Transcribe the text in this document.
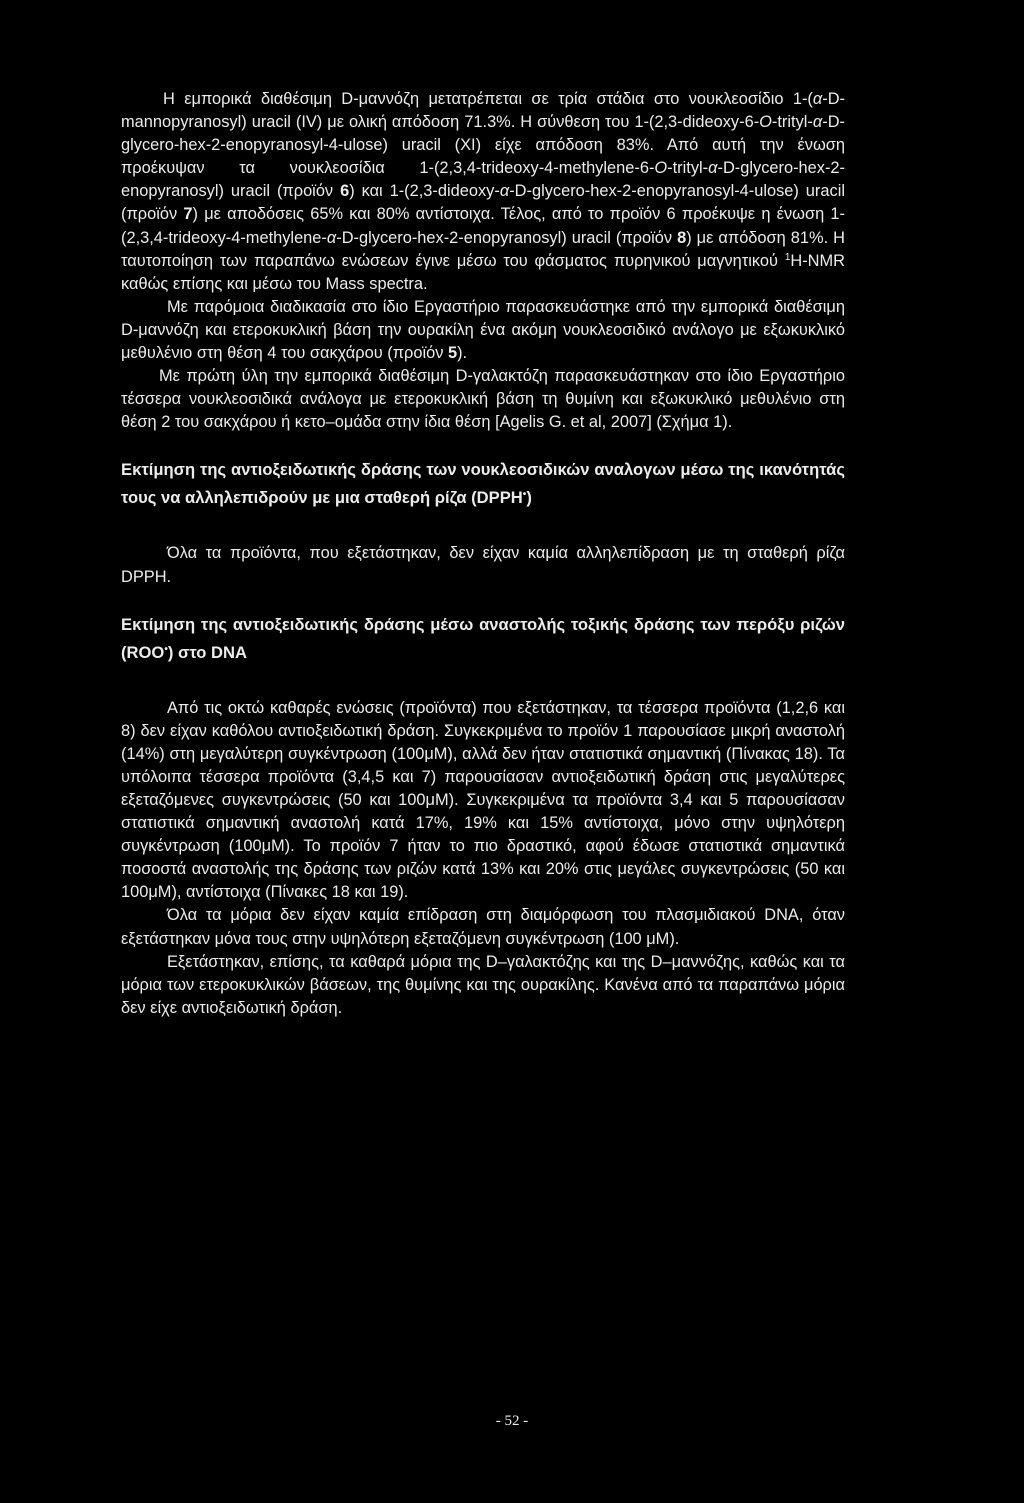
Η εμπορικά διαθέσιμη D-μαννόζη μετατρέπεται σε τρία στάδια στο νουκλεοσίδιο 1-(α-D-mannopyranosyl) uracil (IV) με ολική απόδοση 71.3%. Η σύνθεση του 1-(2,3-dideoxy-6-O-trityl-α-D-glycero-hex-2-enopyranosyl-4-ulose) uracil (XI) είχε απόδοση 83%. Από αυτή την ένωση προέκυψαν τα νουκλεοσίδια 1-(2,3,4-trideoxy-4-methylene-6-O-trityl-α-D-glycero-hex-2-enopyranosyl) uracil (προϊόν 6) και 1-(2,3-dideoxy-α-D-glycero-hex-2-enopyranosyl-4-ulose) uracil (προϊόν 7) με αποδόσεις 65% και 80% αντίστοιχα. Τέλος, από το προϊόν 6 προέκυψε η ένωση 1-(2,3,4-trideoxy-4-methylene-α-D-glycero-hex-2-enopyranosyl) uracil (προϊόν 8) με απόδοση 81%. Η ταυτοποίηση των παραπάνω ενώσεων έγινε μέσω του φάσματος πυρηνικού μαγνητικού $^1$H-NMR καθώς επίσης και μέσω του Mass spectra.

Με παρόμοια διαδικασία στο ίδιο Εργαστήριο παρασκευάστηκε από την εμπορικά διαθέσιμη D-μαννόζη και ετεροκυκλική βάση την ουρακίλη ένα ακόμη νουκλεοσιδικό ανάλογο με εξωκυκλικό μεθυλένιο στη θέση 4 του σακχάρου (προϊόν 5).

Με πρώτη ύλη την εμπορικά διαθέσιμη D-γαλακτόζη παρασκευάστηκαν στο ίδιο Εργαστήριο τέσσερα νουκλεοσιδικά ανάλογα με ετεροκυκλική βάση τη θυμίνη και εξωκυκλικό μεθυλένιο στη θέση 2 του σακχάρου ή κετο–ομάδα στην ίδια θέση [Agelis G. et al, 2007] (Σχήμα 1).

Εκτίμηση της αντιοξειδωτικής δράσης των νουκλεοσιδικών αναλογων μέσω της ικανότητάς τους να αλληλεπιδρούν με μια σταθερή ρίζα (DPPH•)

Όλα τα προϊόντα, που εξετάστηκαν, δεν είχαν καμία αλληλεπίδραση με τη σταθερή ρίζα DPPH.

Εκτίμηση της αντιοξειδωτικής δράσης μέσω αναστολής τοξικής δράσης των περόξυ ριζών (ROO•) στο DNA

Από τις οκτώ καθαρές ενώσεις (προϊόντα) που εξετάστηκαν, τα τέσσερα προϊόντα (1,2,6 και 8) δεν είχαν καθόλου αντιοξειδωτική δράση. Συγκεκριμένα το προϊόν 1 παρουσίασε μικρή αναστολή (14%) στη μεγαλύτερη συγκέντρωση (100μΜ), αλλά δεν ήταν στατιστικά σημαντική (Πίνακας 18). Τα υπόλοιπα τέσσερα προϊόντα (3,4,5 και 7) παρουσίασαν αντιοξειδωτική δράση στις μεγαλύτερες εξεταζόμενες συγκεντρώσεις (50 και 100μΜ). Συγκεκριμένα τα προϊόντα 3,4 και 5 παρουσίασαν στατιστικά σημαντική αναστολή κατά 17%, 19% και 15% αντίστοιχα, μόνο στην υψηλότερη συγκέντρωση (100μΜ). Το προϊόν 7 ήταν το πιο δραστικό, αφού έδωσε στατιστικά σημαντικά ποσοστά αναστολής της δράσης των ριζών κατά 13% και 20% στις μεγάλες συγκεντρώσεις (50 και 100μΜ), αντίστοιχα (Πίνακες 18 και 19).

Όλα τα μόρια δεν είχαν καμία επίδραση στη διαμόρφωση του πλασμιδιακού DNA, όταν εξετάστηκαν μόνα τους στην υψηλότερη εξεταζόμενη συγκέντρωση (100 μΜ).

Εξετάστηκαν, επίσης, τα καθαρά μόρια της D–γαλακτόζης και της D–μαννόζης, καθώς και τα μόρια των ετεροκυκλικών βάσεων, της θυμίνης και της ουρακίλης. Κανένα από τα παραπάνω μόρια δεν είχε αντιοξειδωτική δράση.

- 52 -
